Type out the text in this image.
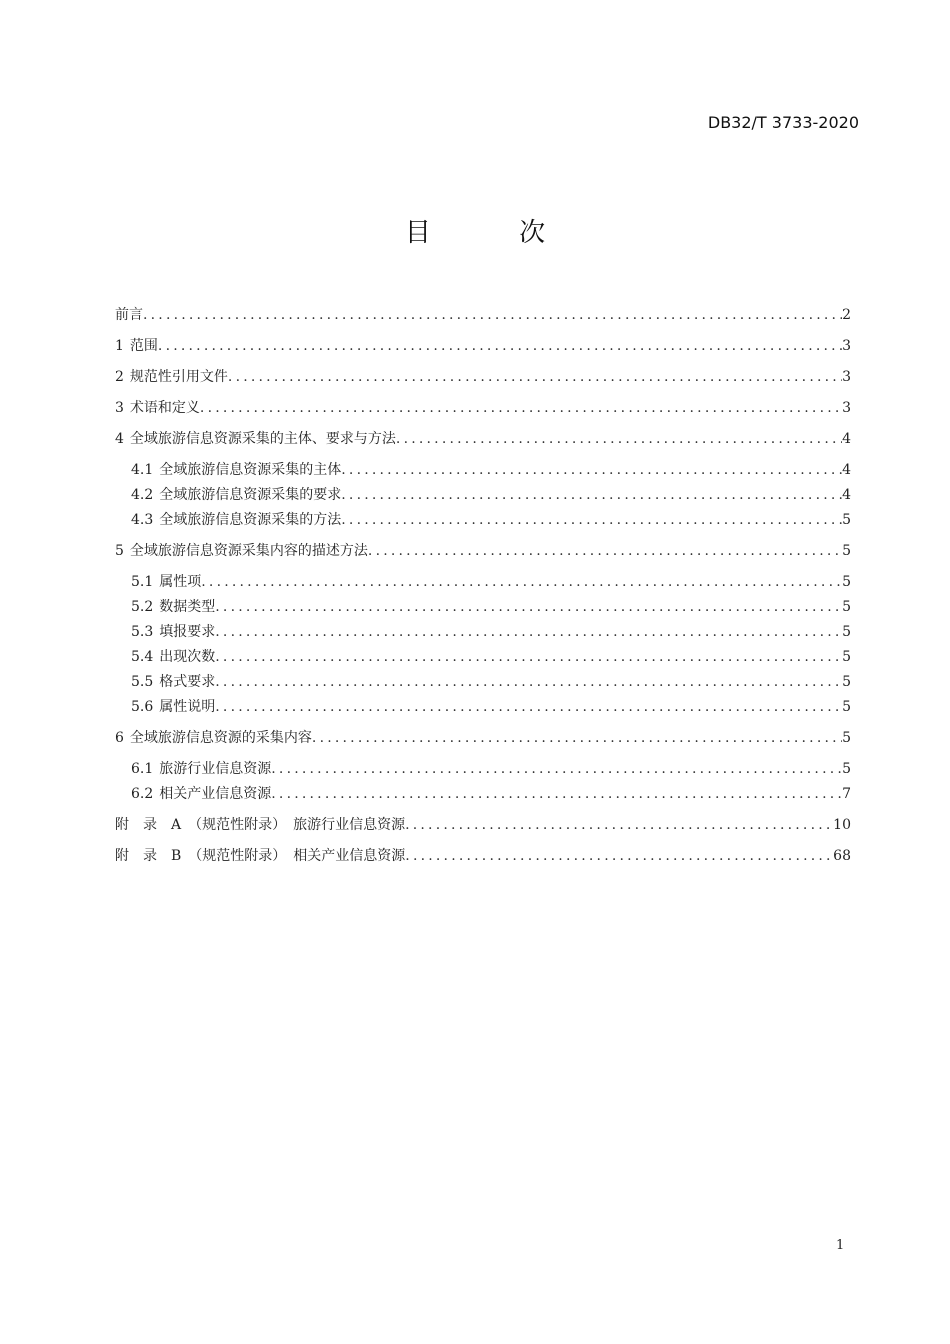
DB32/T 3733-2020
目 次
前言 .....	2
1 范围 .....	3
2 规范性引用文件 .....	3
3 术语和定义 .....	3
4 全域旅游信息资源采集的主体、要求与方法 .....	4
4.1 全域旅游信息资源采集的主体 .....	4
4.2 全域旅游信息资源采集的要求 .....	4
4.3 全域旅游信息资源采集的方法 .....	5
5 全域旅游信息资源采集内容的描述方法 .....	5
5.1 属性项 .....	5
5.2 数据类型 .....	5
5.3 填报要求 .....	5
5.4 出现次数 .....	5
5.5 格式要求 .....	5
5.6 属性说明 .....	5
6 全域旅游信息资源的采集内容 .....	5
6.1 旅游行业信息资源 .....	5
6.2 相关产业信息资源 .....	7
附　录　A　（规范性附录）　旅游行业信息资源 .....	10
附　录　B　（规范性附录）　相关产业信息资源 .....	68
1
